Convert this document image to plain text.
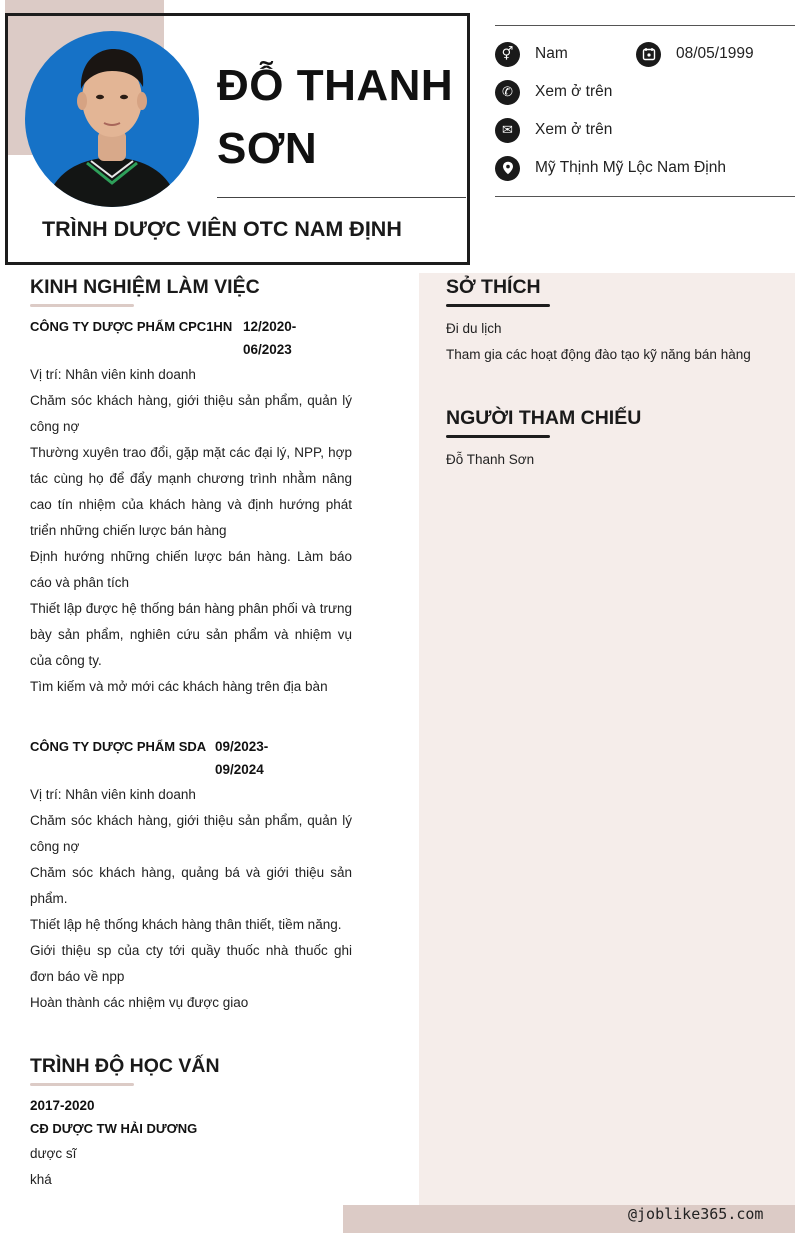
ĐỖ THANH SƠN
TRÌNH DƯỢC VIÊN OTC NAM ĐỊNH
⚥	Nam	08/05/1999
✆	Xem ở trên
✉	Xem ở trên
Mỹ Thịnh Mỹ Lộc Nam Định
KINH NGHIỆM LÀM VIỆC
CÔNG TY DƯỢC PHẨM CPC1HN 12/2020-
06/2023
Vị trí: Nhân viên kinh doanh
Chăm sóc khách hàng, giới thiệu sản phẩm, quản lý công nợ
Thường xuyên trao đổi, gặp mặt các đại lý, NPP, hợp tác cùng họ để đẩy mạnh chương trình nhằm nâng cao tín nhiệm của khách hàng và định hướng phát triển những chiến lược bán hàng
Định hướng những chiến lược bán hàng. Làm báo cáo và phân tích
Thiết lập được hệ thống bán hàng phân phối và trưng bày sản phẩm, nghiên cứu sản phẩm và nhiệm vụ của công ty.
Tìm kiếm và mở mới các khách hàng trên địa bàn
CÔNG TY DƯỢC PHẨM SDA 09/2023-
09/2024
Vị trí: Nhân viên kinh doanh
Chăm sóc khách hàng, giới thiệu sản phẩm, quản lý công nợ
Chăm sóc khách hàng, quảng bá và giới thiệu sản phẩm.
Thiết lập hệ thống khách hàng thân thiết, tiềm năng.
Giới thiệu sp của cty tới quầy thuốc nhà thuốc ghi đơn báo về npp
Hoàn thành các nhiệm vụ được giao
TRÌNH ĐỘ HỌC VẤN
2017-2020
CĐ DƯỢC TW HẢI DƯƠNG
dược sĩ
khá
SỞ THÍCH
Đi du lịch
Tham gia các hoạt động đào tạo kỹ năng bán hàng
NGƯỜI THAM CHIẾU
Đỗ Thanh Sơn
@joblike365.com
